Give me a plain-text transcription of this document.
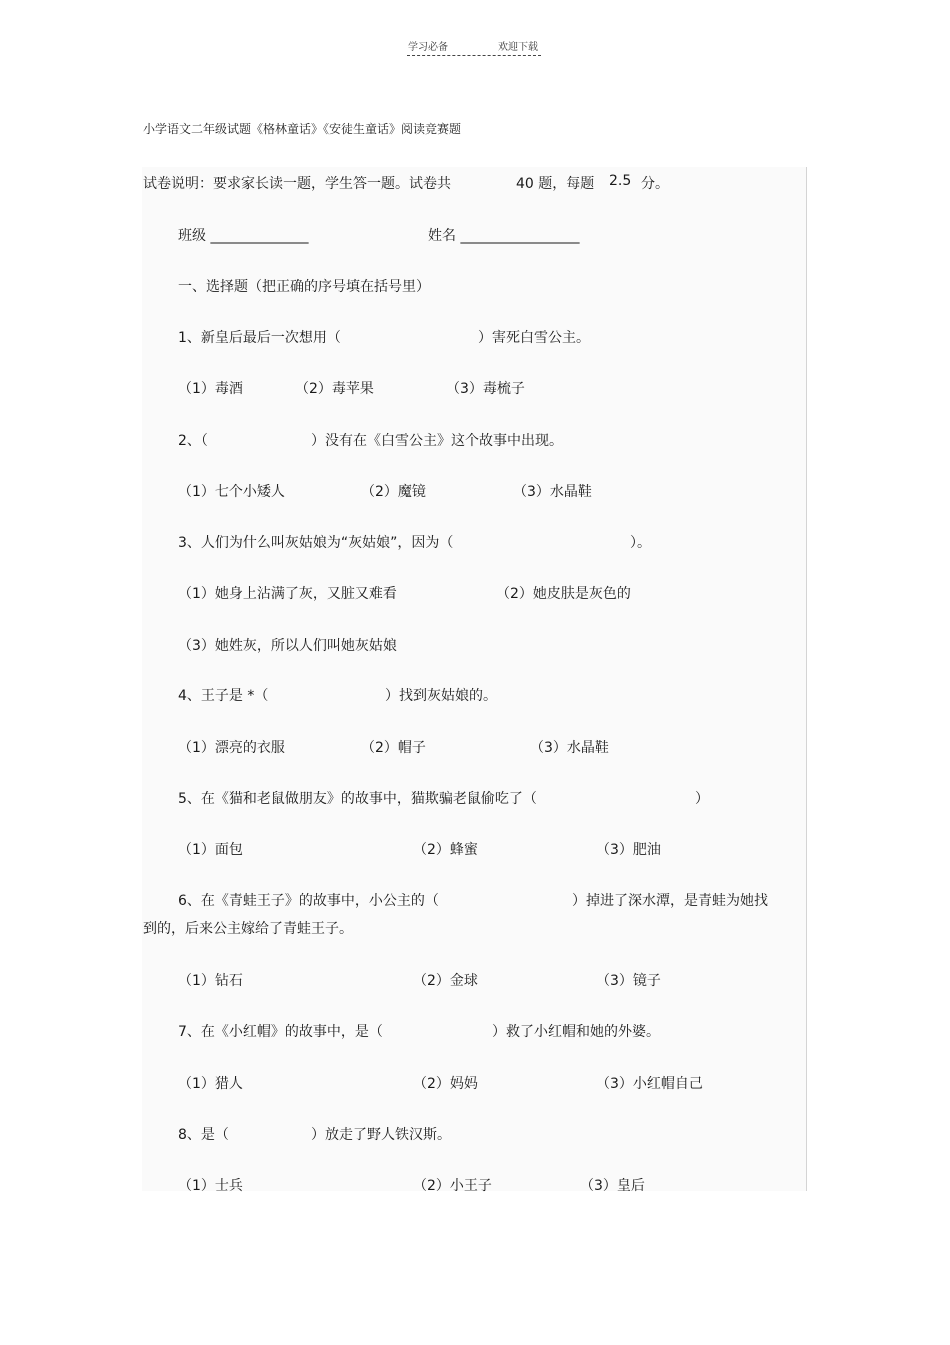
学习必备	欢迎下载
小学语文二年级试题《格林童话》《安徒生童话》阅读竞赛题
试卷说明：要求家长读一题，学生答一题。试卷共	40 题，每题 2.5 分。
班级 ______________	姓名 _________________
一、选择题（把正确的序号填在括号里）
1、新皇后最后一次想用（	）害死白雪公主。
（1）毒酒	（2）毒苹果	（3）毒梳子
2、（	）没有在《白雪公主》这个故事中出现。
（1）七个小矮人	（2）魔镜	（3）水晶鞋
3、人们为什么叫灰姑娘为“灰姑娘”，因为（	）。
（1）她身上沾满了灰，又脏又难看	（2）她皮肤是灰色的
（3）她姓灰，所以人们叫她灰姑娘
4、王子是 *（	）找到灰姑娘的。
（1）漂亮的衣服	（2）帽子	（3）水晶鞋
5、在《猫和老鼠做朋友》的故事中，猫欺骗老鼠偷吃了（	）
（1）面包	（2）蜂蜜	（3）肥油
6、在《青蛙王子》的故事中，小公主的（	）掉进了深水潭，是青蛙为她找
到的，后来公主嫁给了青蛙王子。
（1）钻石	（2）金球	（3）镜子
7、在《小红帽》的故事中，是（	）救了小红帽和她的外婆。
（1）猎人	（2）妈妈	（3）小红帽自己
8、是（	）放走了野人铁汉斯。
（1）士兵	（2）小王子	（3）皇后
